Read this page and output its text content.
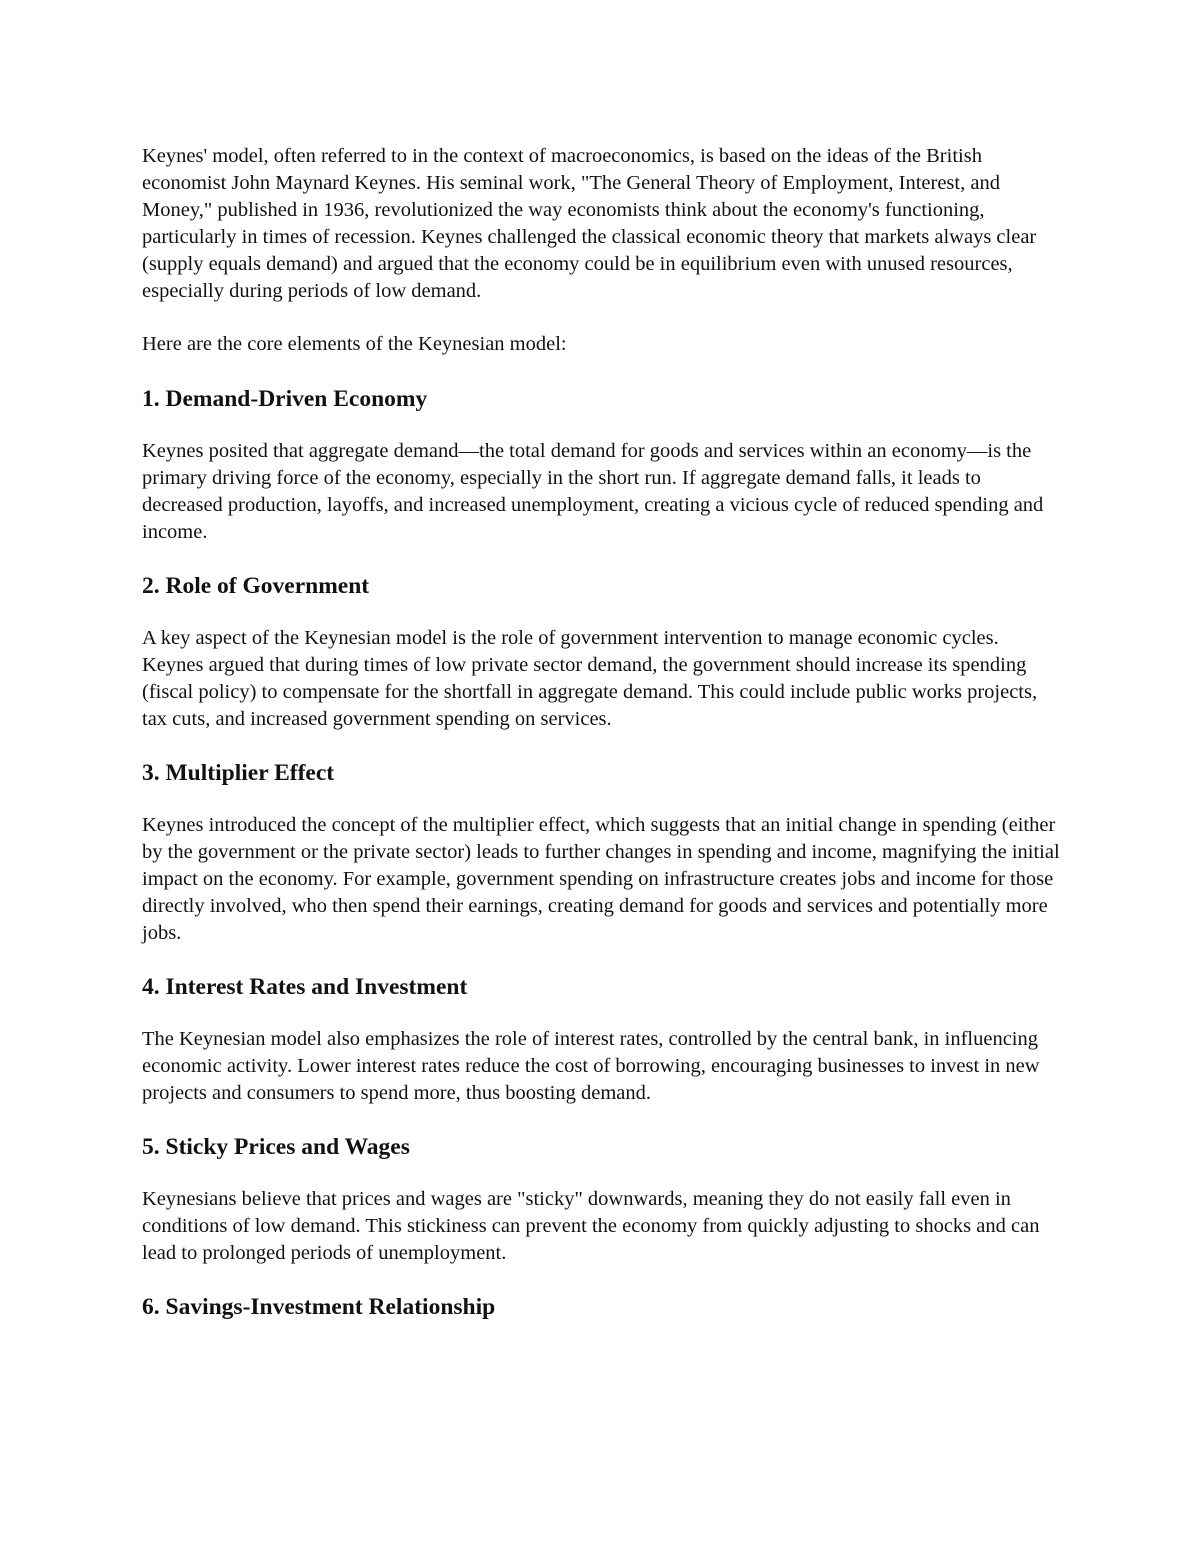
Keynes' model, often referred to in the context of macroeconomics, is based on the ideas of the British economist John Maynard Keynes. His seminal work, "The General Theory of Employment, Interest, and Money," published in 1936, revolutionized the way economists think about the economy's functioning, particularly in times of recession. Keynes challenged the classical economic theory that markets always clear (supply equals demand) and argued that the economy could be in equilibrium even with unused resources, especially during periods of low demand.

Here are the core elements of the Keynesian model:

1. Demand-Driven Economy

Keynes posited that aggregate demand—the total demand for goods and services within an economy—is the primary driving force of the economy, especially in the short run. If aggregate demand falls, it leads to decreased production, layoffs, and increased unemployment, creating a vicious cycle of reduced spending and income.

2. Role of Government

A key aspect of the Keynesian model is the role of government intervention to manage economic cycles. Keynes argued that during times of low private sector demand, the government should increase its spending (fiscal policy) to compensate for the shortfall in aggregate demand. This could include public works projects, tax cuts, and increased government spending on services.

3. Multiplier Effect

Keynes introduced the concept of the multiplier effect, which suggests that an initial change in spending (either by the government or the private sector) leads to further changes in spending and income, magnifying the initial impact on the economy. For example, government spending on infrastructure creates jobs and income for those directly involved, who then spend their earnings, creating demand for goods and services and potentially more jobs.

4. Interest Rates and Investment

The Keynesian model also emphasizes the role of interest rates, controlled by the central bank, in influencing economic activity. Lower interest rates reduce the cost of borrowing, encouraging businesses to invest in new projects and consumers to spend more, thus boosting demand.

5. Sticky Prices and Wages

Keynesians believe that prices and wages are "sticky" downwards, meaning they do not easily fall even in conditions of low demand. This stickiness can prevent the economy from quickly adjusting to shocks and can lead to prolonged periods of unemployment.

6. Savings-Investment Relationship
